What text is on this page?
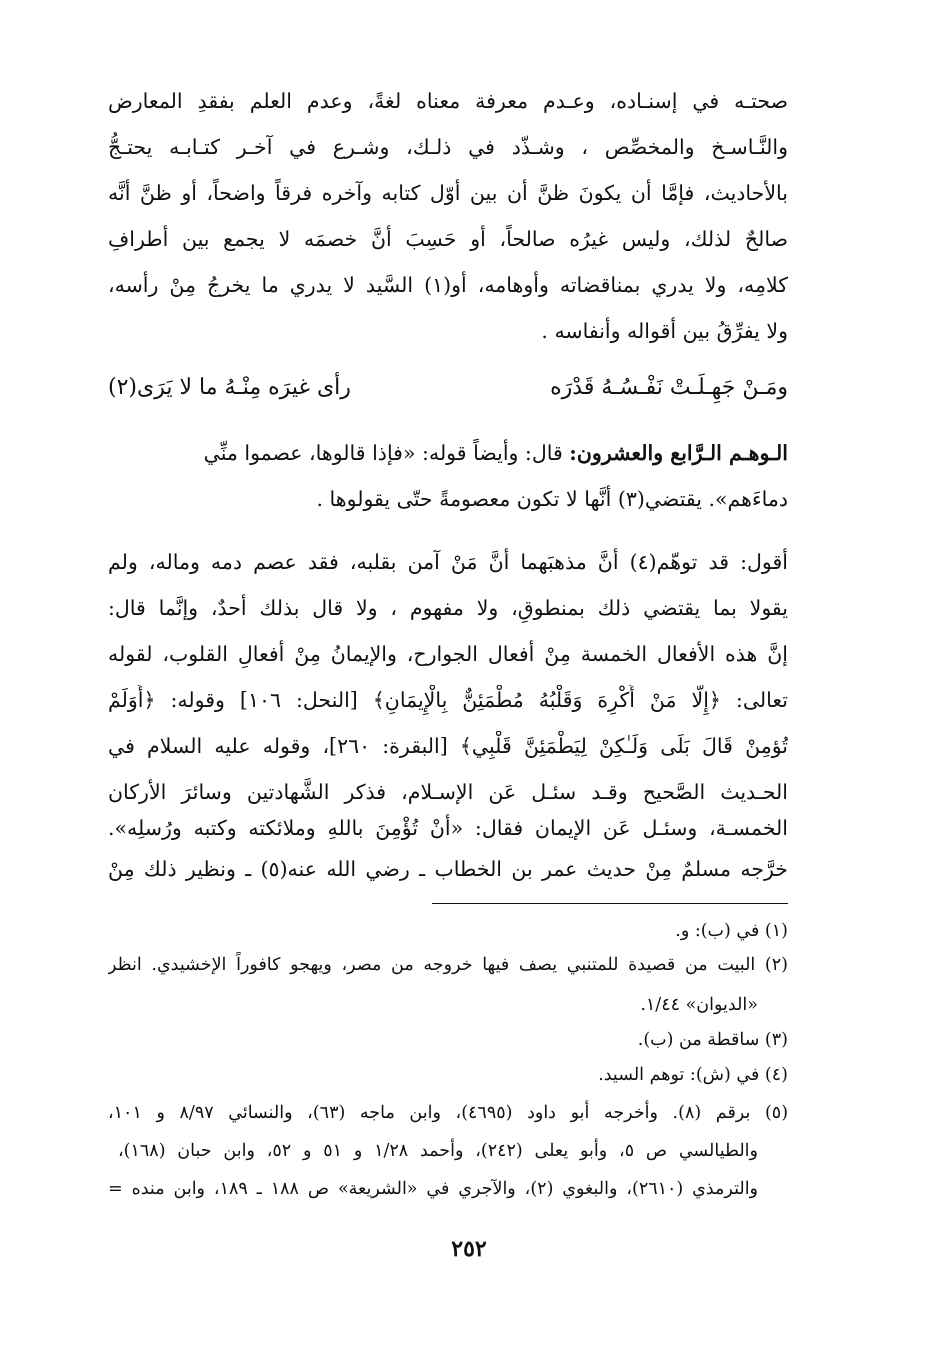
صحتـه في إسنـاده، وعـدم معرفة معناه لغةً، وعدم العلم بفقدِ المعارض
والنَّـاسـخ والمخصِّص ، وشـذّد في ذلـك، وشـرع في آخـر كتـابـه يحتـجُّ
بالأحاديث، فإمَّا أن يكونَ ظنَّ أن بين أوّل كتابه وآخره فرقاً واضحاً، أو ظنَّ أنَّه
صالحٌ لذلك، وليس غيرُه صالحاً، أو حَسِبَ أنَّ خصمَه لا يجمع بين أطرافِ
كلامِه، ولا يدري بمناقضاته وأوهامه، أو(١) السَّيد لا يدري ما يخرجُ مِنْ رأسه،
ولا يفرِّقُ بين أقواله وأنفاسه .
ومَـنْ جَهِـلَـتْ نَفْـسُـهُ قَدْرَه
رأى غيرَه مِنْـهُ ما لا يَرَى(٢)
الـوهـم الـرَّابع والعشرون: قال: وأيضاً قوله: «فإذا قالوها، عصموا منِّي
دماءَهم». يقتضي(٣) أنَّها لا تكون معصومةً حتّى يقولوها .
أقول: قد توهّم(٤) أنَّ مذهبَهما أنَّ مَنْ آمن بقلبه، فقد عصم دمه وماله، ولم
يقولا بما يقتضي ذلك بمنطوقٍ، ولا مفهوم ، ولا قال بذلك أحدٌ، وإنَّما قال:
إنَّ هذه الأفعال الخمسة مِنْ أفعال الجوارح، والإيمانُ مِنْ أفعالِ القلوب، لقوله
تعالى: ﴿إِلَّا مَنْ أُكْرِهَ وَقَلْبُهُ مُطْمَئِنٌّ بِالْإِيمَانِ﴾ [النحل: ١٠٦] وقوله: ﴿أَوَلَمْ
تُؤمِنْ قَالَ بَلَى وَلَـٰكِنْ لِيَطْمَئِنَّ قَلْبِي﴾ [البقرة: ٢٦٠]، وقوله عليه السلام في
الحـديث الصَّحيح وقـد سئـل عَن الإسـلام، فذكر الشَّهادتين وسائرَ الأركان
الخمسـة، وسئـل عَن الإيمان فقال: «أنْ تُؤْمِنَ باللهِ وملائكته وكتبه ورُسلِه».
خرَّجه مسلمٌ مِنْ حديث عمر بن الخطاب ـ رضي الله عنه(٥) ـ ونظير ذلك مِنْ
(١) في (ب): و.
(٢) البيت من قصيدة للمتنبي يصف فيها خروجه من مصر، ويهجو كافوراً الإخشيدي. انظر
«الديوان» ١/٤٤.
(٣) ساقطة من (ب).
(٤) في (ش): توهم السيد.
(٥) برقم (٨). وأخرجه أبو داود (٤٦٩٥)، وابن ماجه (٦٣)، والنسائي ٨/٩٧ و ١٠١،
والطيالسي ص ٥، وأبو يعلى (٢٤٢)، وأحمد ١/٢٨ و ٥١ و ٥٢، وابن حبان (١٦٨)،
والترمذي (٢٦١٠)، والبغوي (٢)، والآجري في «الشريعة» ص ١٨٨ ـ ١٨٩، وابن منده =
٢٥٢
